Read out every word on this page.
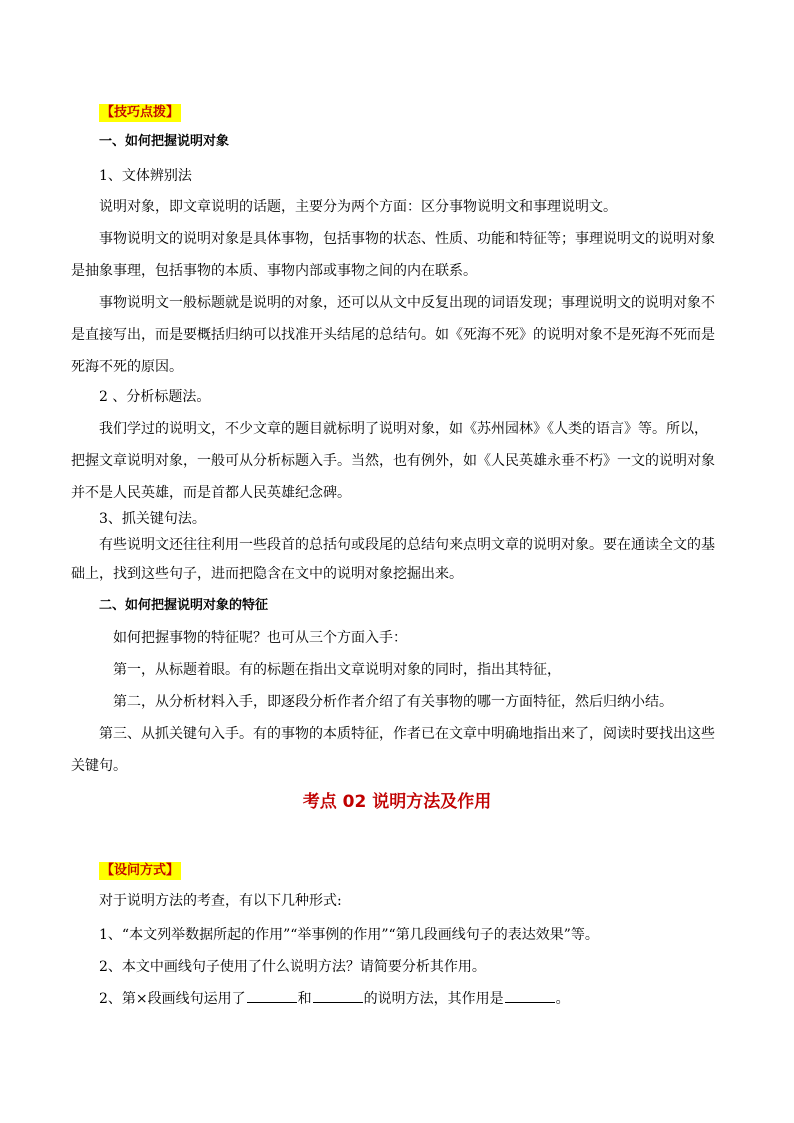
【技巧点拨】
一、如何把握说明对象
1、文体辨别法
说明对象，即文章说明的话题，主要分为两个方面：区分事物说明文和事理说明文。
事物说明文的说明对象是具体事物，包括事物的状态、性质、功能和特征等；事理说明文的说明对象
是抽象事理，包括事物的本质、事物内部或事物之间的内在联系。
事物说明文一般标题就是说明的对象，还可以从文中反复出现的词语发现；事理说明文的说明对象不
是直接写出，而是要概括归纳可以找准开头结尾的总结句。如《死海不死》的说明对象不是死海不死而是
死海不死的原因。
2 、分析标题法。
我们学过的说明文，不少文章的题目就标明了说明对象，如《苏州园林》《人类的语言》等。所以，
把握文章说明对象，一般可从分析标题入手。当然，也有例外，如《人民英雄永垂不朽》一文的说明对象
并不是人民英雄，而是首都人民英雄纪念碑。
3、抓关键句法。
有些说明文还往往利用一些段首的总括句或段尾的总结句来点明文章的说明对象。要在通读全文的基
础上，找到这些句子，进而把隐含在文中的说明对象挖掘出来。
二、如何把握说明对象的特征
如何把握事物的特征呢？也可从三个方面入手：
第一，从标题着眼。有的标题在指出文章说明对象的同时，指出其特征，
第二，从分析材料入手，即逐段分析作者介绍了有关事物的哪一方面特征，然后归纳小结。
第三、从抓关键句入手。有的事物的本质特征，作者已在文章中明确地指出来了，阅读时要找出这些
关键句。
考点 02 说明方法及作用
【设问方式】
对于说明方法的考查，有以下几种形式:
1、“本文列举数据所起的作用”“举事例的作用”“第几段画线句子的表达效果”等。
2、本文中画线句子使用了什么说明方法？请简要分析其作用。
2、第×段画线句运用了	和	的说明方法，其作用是	。
